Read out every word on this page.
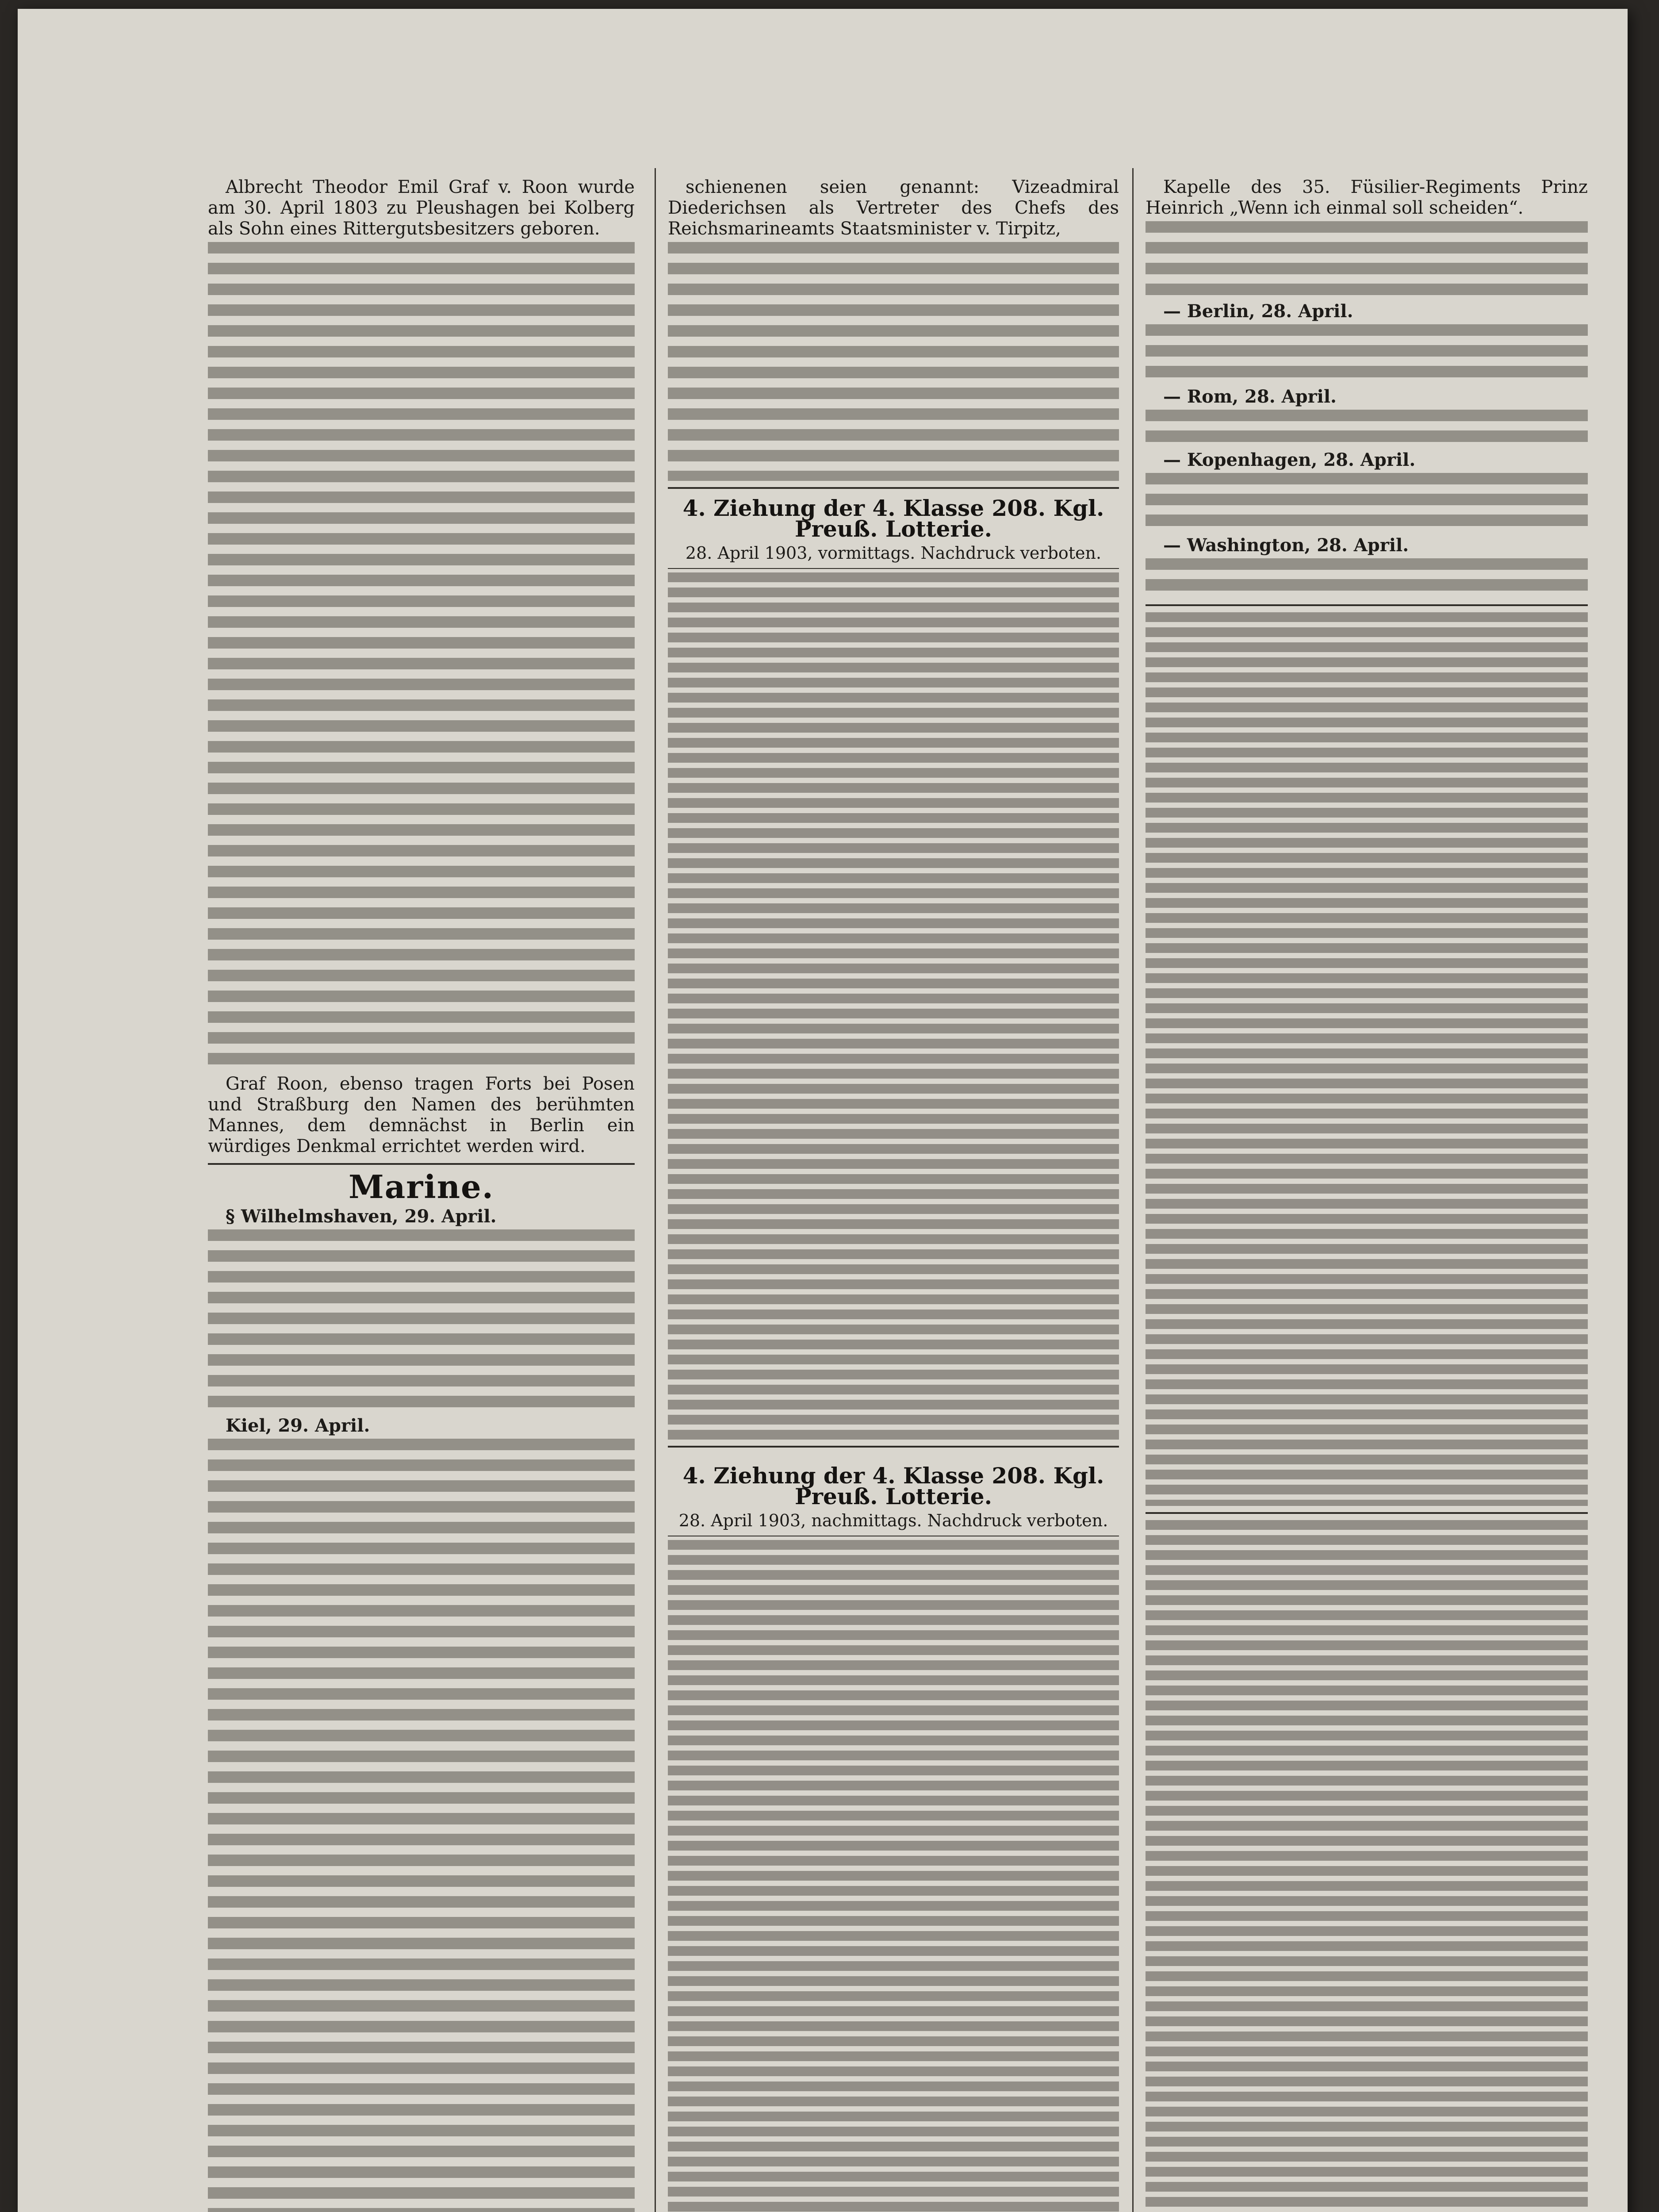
Albrecht Theodor Emil Graf v. Roon wurde am 30. April 1803 zu Pleushagen bei Kolberg als Sohn eines Rittergutsbesitzers geboren.

Graf Roon, ebenso tragen Forts bei Posen und Straßburg den Namen des berühmten Mannes, dem demnächst in Berlin ein würdiges Denkmal errichtet werden wird.

Marine.

§ Wilhelmshaven, 29. April.

Kiel, 29. April.

schienenen seien genannt: Vizeadmiral Diederichsen als Vertreter des Chefs des Reichsmarineamts Staatsminister v. Tirpitz,

4. Ziehung der 4. Klasse 208. Kgl. Preuß. Lotterie.
28. April 1903, vormittags. Nachdruck verboten.
4. Ziehung der 4. Klasse 208. Kgl. Preuß. Lotterie.
28. April 1903, nachmittags. Nachdruck verboten.

Kapelle des 35. Füsilier-Regiments Prinz Heinrich „Wenn ich einmal soll scheiden“.

— Berlin, 28. April.

— Rom, 28. April.

— Kopenhagen, 28. April.

— Washington, 28. April.
